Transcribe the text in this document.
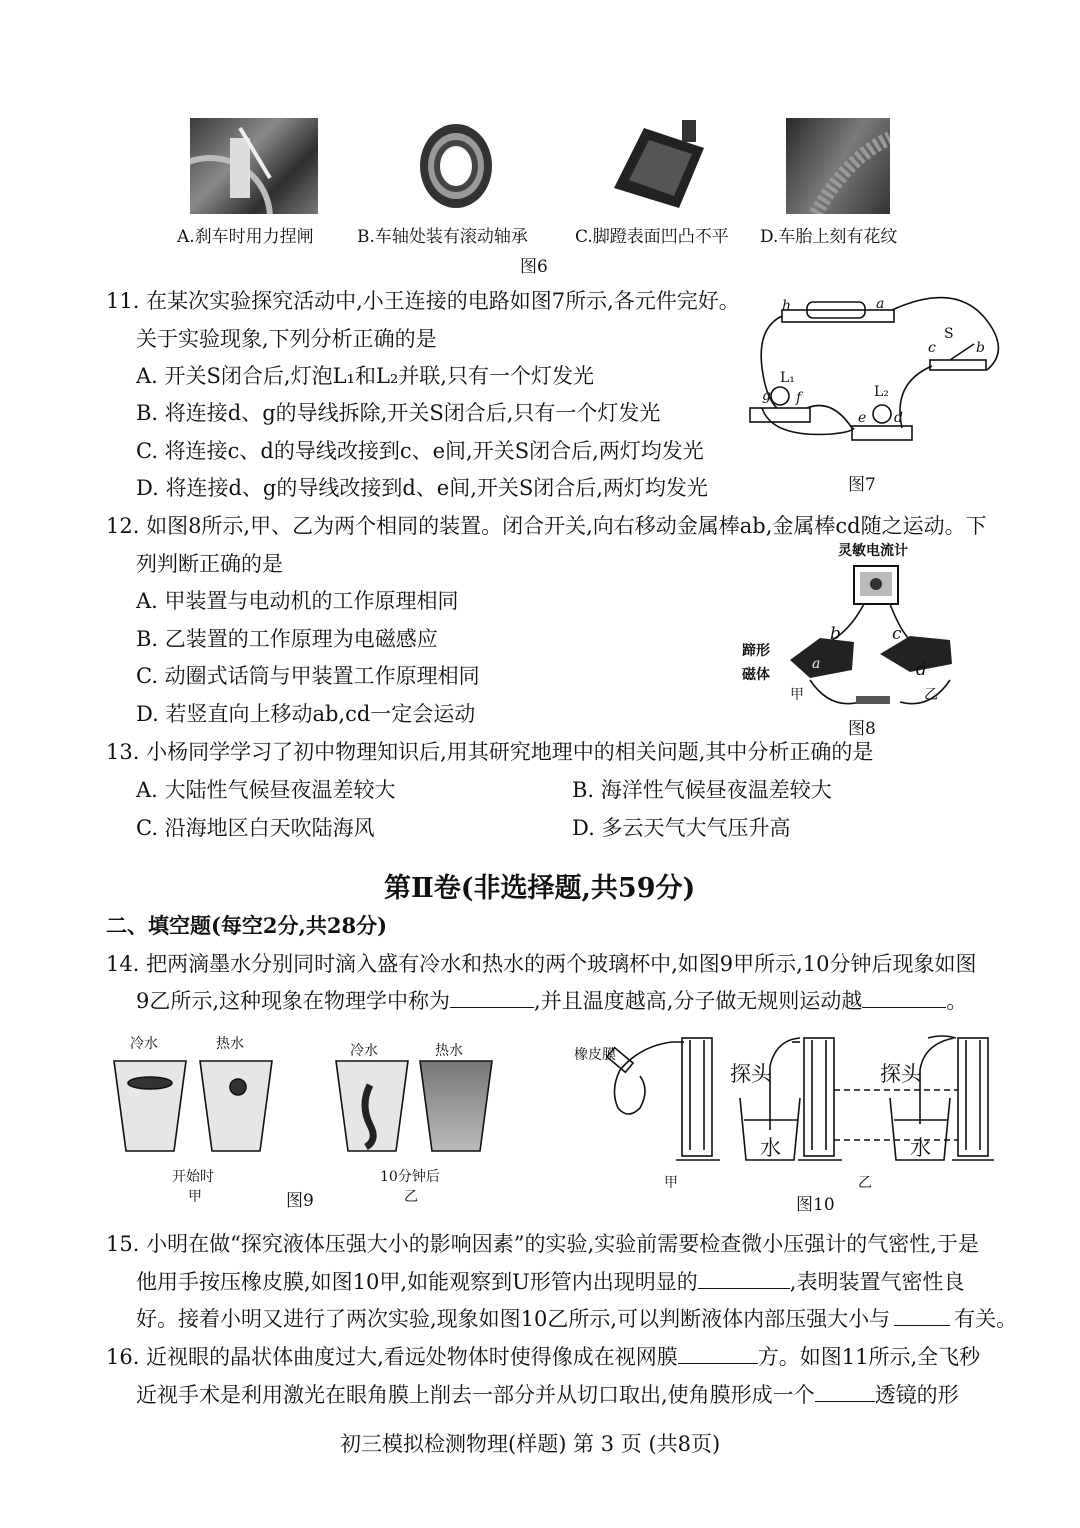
A.刹车时用力捏闸	B.车轴处装有滚动轴承	C.脚蹬表面凹凸不平 D.车胎上刻有花纹
图6
11. 在某次实验探究活动中,小王连接的电路如图7所示,各元件完好。
关于实验现象,下列分析正确的是
A. 开关S闭合后,灯泡L₁和L₂并联,只有一个灯发光
B. 将连接d、g的导线拆除,开关S闭合后,只有一个灯发光
C. 将连接c、d的导线改接到c、e间,开关S闭合后,两灯均发光
D. 将连接d、g的导线改接到d、e间,开关S闭合后,两灯均发光
h	a
c
S
b
L₁
g f	L₂
e d
图7
12. 如图8所示,甲、乙为两个相同的装置。闭合开关,向右移动金属棒ab,金属棒cd随之运动。下
列判断正确的是
A. 甲装置与电动机的工作原理相同
B. 乙装置的工作原理为电磁感应
C. 动圈式话筒与甲装置工作原理相同
D. 若竖直向上移动ab,cd一定会运动
灵敏电流计
b	c
a	d
蹄形
磁体
甲	乙
图8
13. 小杨同学学习了初中物理知识后,用其研究地理中的相关问题,其中分析正确的是
A. 大陆性气候昼夜温差较大	B. 海洋性气候昼夜温差较大
C. 沿海地区白天吹陆海风	D. 多云天气大气压升高
第Ⅱ卷(非选择题,共59分)
二、填空题(每空2分,共28分)
14. 把两滴墨水分别同时滴入盛有冷水和热水的两个玻璃杯中,如图9甲所示,10分钟后现象如图
9乙所示,这种现象在物理学中称为	,并且温度越高,分子做无规则运动越	。
冷水	热水	冷水	热水
开始时
甲
10分钟后
乙
图9
橡皮膜
探头	探头
水	水
甲	乙
图10
15. 小明在做“探究液体压强大小的影响因素”的实验,实验前需要检查微小压强计的气密性,于是
他用手按压橡皮膜,如图10甲,如能观察到U形管内出现明显的	,表明装置气密性良
好。接着小明又进行了两次实验,现象如图10乙所示,可以判断液体内部压强大小与	有关。
16. 近视眼的晶状体曲度过大,看远处物体时使得像成在视网膜	方。如图11所示,全飞秒
近视手术是利用激光在眼角膜上削去一部分并从切口取出,使角膜形成一个	透镜的形
初三模拟检测物理(样题) 第 3 页 (共8页)
